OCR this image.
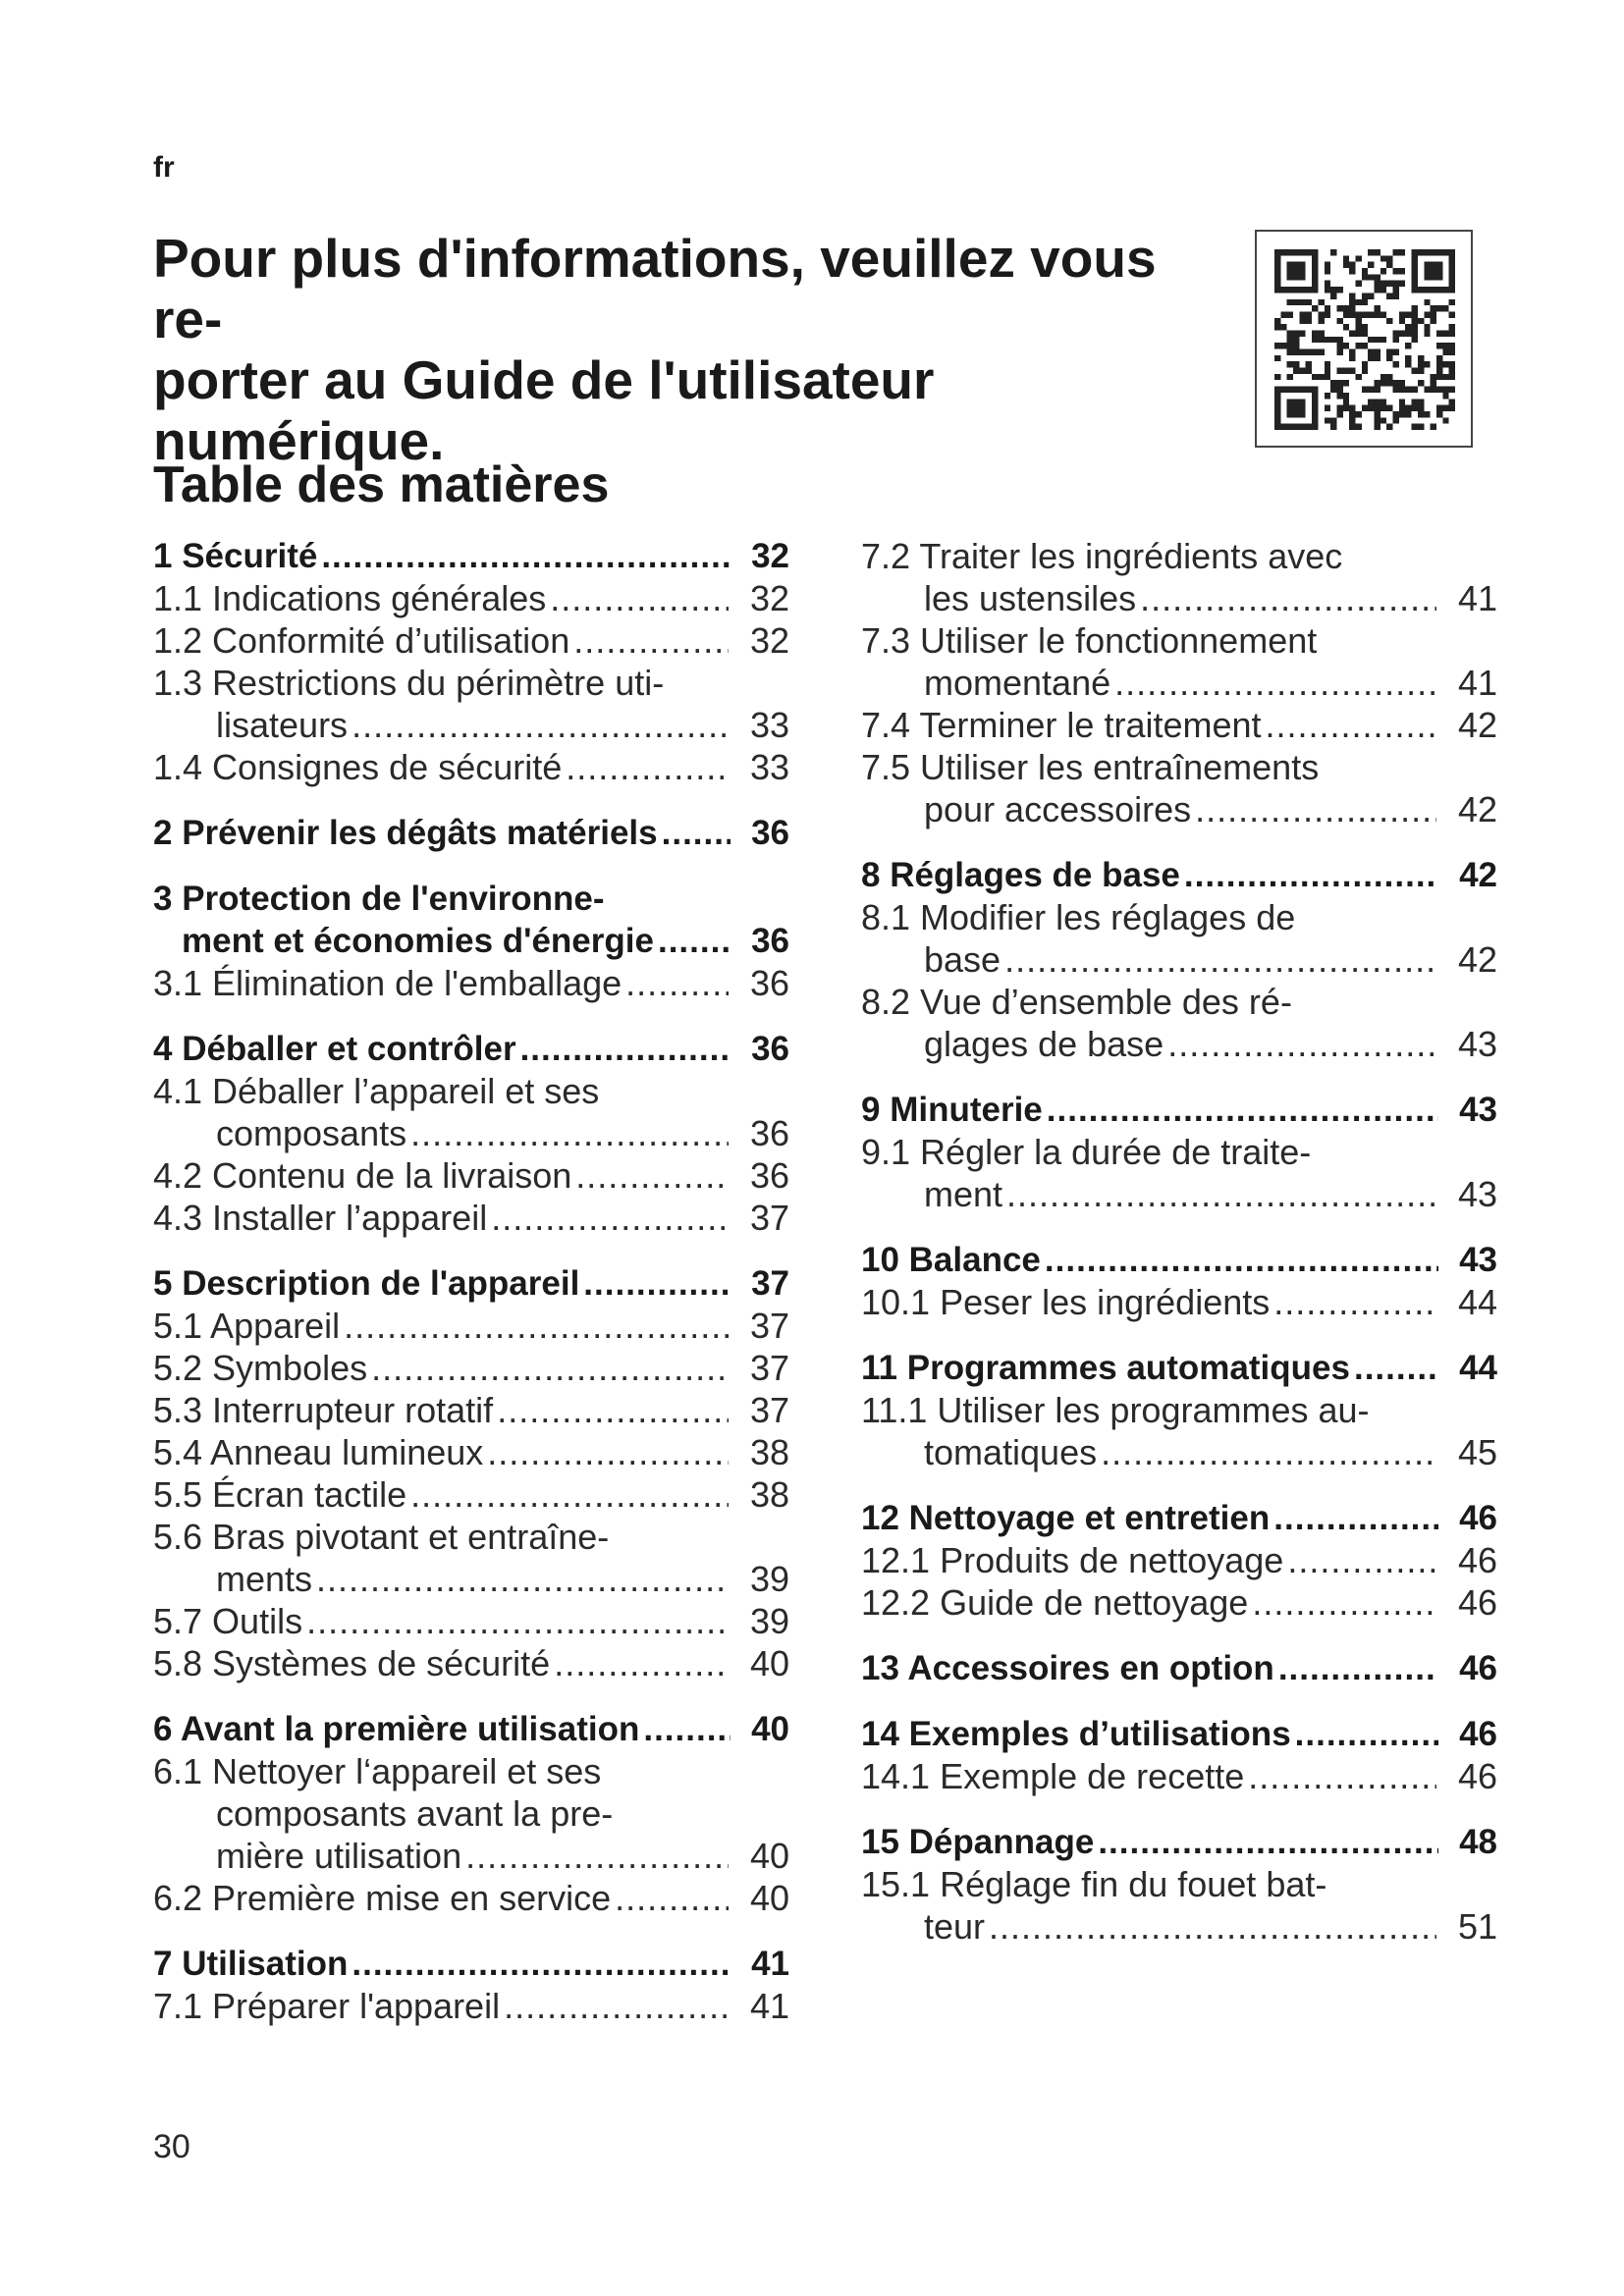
fr
Pour plus d'informations, veuillez vous re-
porter au Guide de l'utilisateur numérique.
Table des matières
1 Sécurité .....	32
1.1 Indications générales .....	32
1.2 Conformité d’utilisation .....	32
1.3 Restrictions du périmètre uti-
lisateurs .....	33
1.4 Consignes de sécurité .....	33
2 Prévenir les dégâts matériels .....	36
3 Protection de l'environne-
ment et économies d'énergie .....	36
3.1 Élimination de l'emballage .....	36
4 Déballer et contrôler .....	36
4.1 Déballer l’appareil et ses
composants .....	36
4.2 Contenu de la livraison .....	36
4.3 Installer l’appareil .....	37
5 Description de l'appareil .....	37
5.1 Appareil .....	37
5.2 Symboles .....	37
5.3 Interrupteur rotatif .....	37
5.4 Anneau lumineux .....	38
5.5 Écran tactile .....	38
5.6 Bras pivotant et entraîne-
ments .....	39
5.7 Outils .....	39
5.8 Systèmes de sécurité .....	40
6 Avant la première utilisation .....	40
6.1 Nettoyer l‘appareil et ses
composants avant la pre-
mière utilisation .....	40
6.2 Première mise en service .....	40
7 Utilisation .....	41
7.1 Préparer l'appareil .....	41
7.2 Traiter les ingrédients avec
les ustensiles .....	41
7.3 Utiliser le fonctionnement
momentané .....	41
7.4 Terminer le traitement .....	42
7.5 Utiliser les entraînements
pour accessoires .....	42
8 Réglages de base .....	42
8.1 Modifier les réglages de
base .....	42
8.2 Vue d’ensemble des ré-
glages de base .....	43
9 Minuterie .....	43
9.1 Régler la durée de traite-
ment .....	43
10 Balance .....	43
10.1 Peser les ingrédients .....	44
11 Programmes automatiques .....	44
11.1 Utiliser les programmes au-
tomatiques .....	45
12 Nettoyage et entretien .....	46
12.1 Produits de nettoyage .....	46
12.2 Guide de nettoyage .....	46
13 Accessoires en option .....	46
14 Exemples d’utilisations .....	46
14.1 Exemple de recette .....	46
15 Dépannage .....	48
15.1 Réglage fin du fouet bat-
teur .....	51
30
